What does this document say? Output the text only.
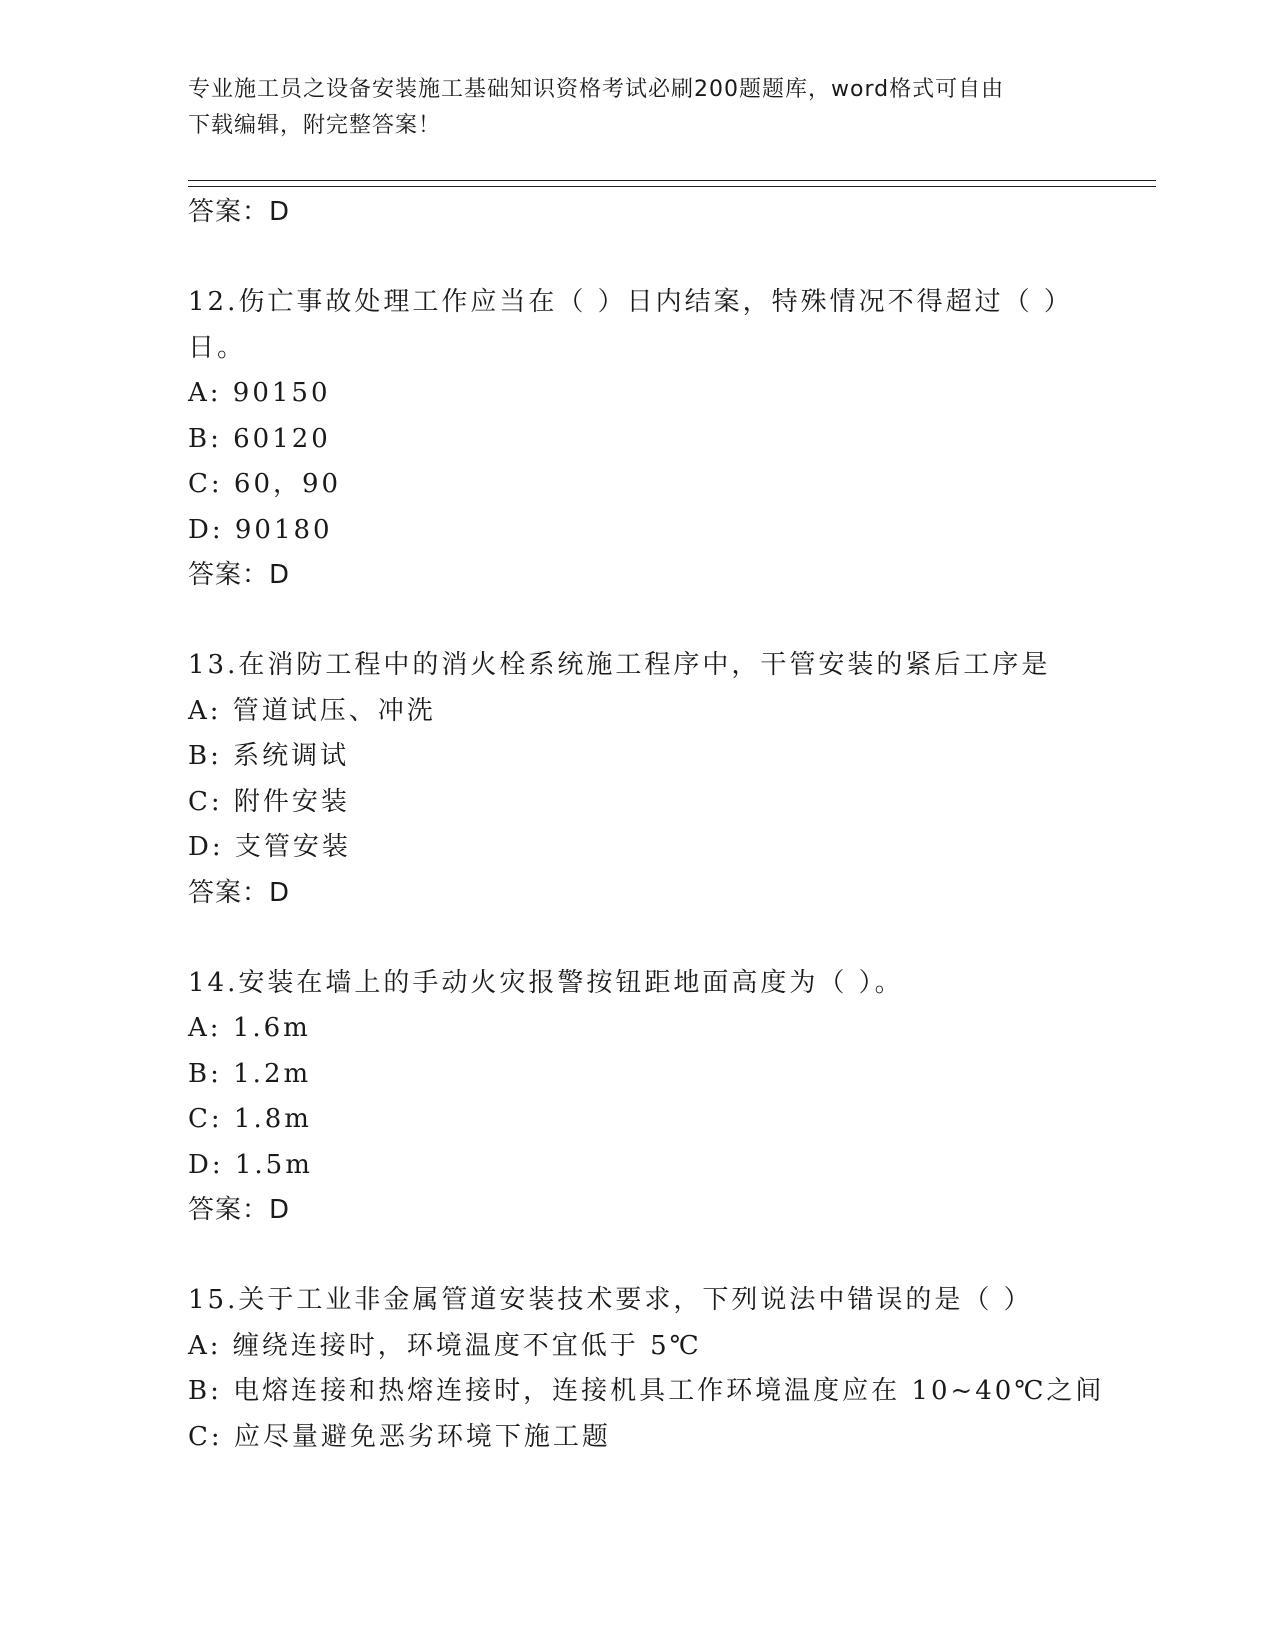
专业施工员之设备安装施工基础知识资格考试必刷200题题库，word格式可自由
下载编辑，附完整答案！

答案：D

12.伤亡事故处理工作应当在（ ）日内结案，特殊情况不得超过（ ）

日。

A: 90150

B: 60120

C: 60，90

D: 90180

答案：D

13.在消防工程中的消火栓系统施工程序中，干管安装的紧后工序是

A: 管道试压、冲洗

B: 系统调试

C: 附件安装

D: 支管安装

答案：D

14.安装在墙上的手动火灾报警按钮距地面高度为（ ）。

A: 1.6m

B: 1.2m

C: 1.8m

D: 1.5m

答案：D

15.关于工业非金属管道安装技术要求，下列说法中错误的是（ ）

A: 缠绕连接时，环境温度不宜低于 5℃

B: 电熔连接和热熔连接时，连接机具工作环境温度应在 10~40℃之间

C: 应尽量避免恶劣环境下施工题
